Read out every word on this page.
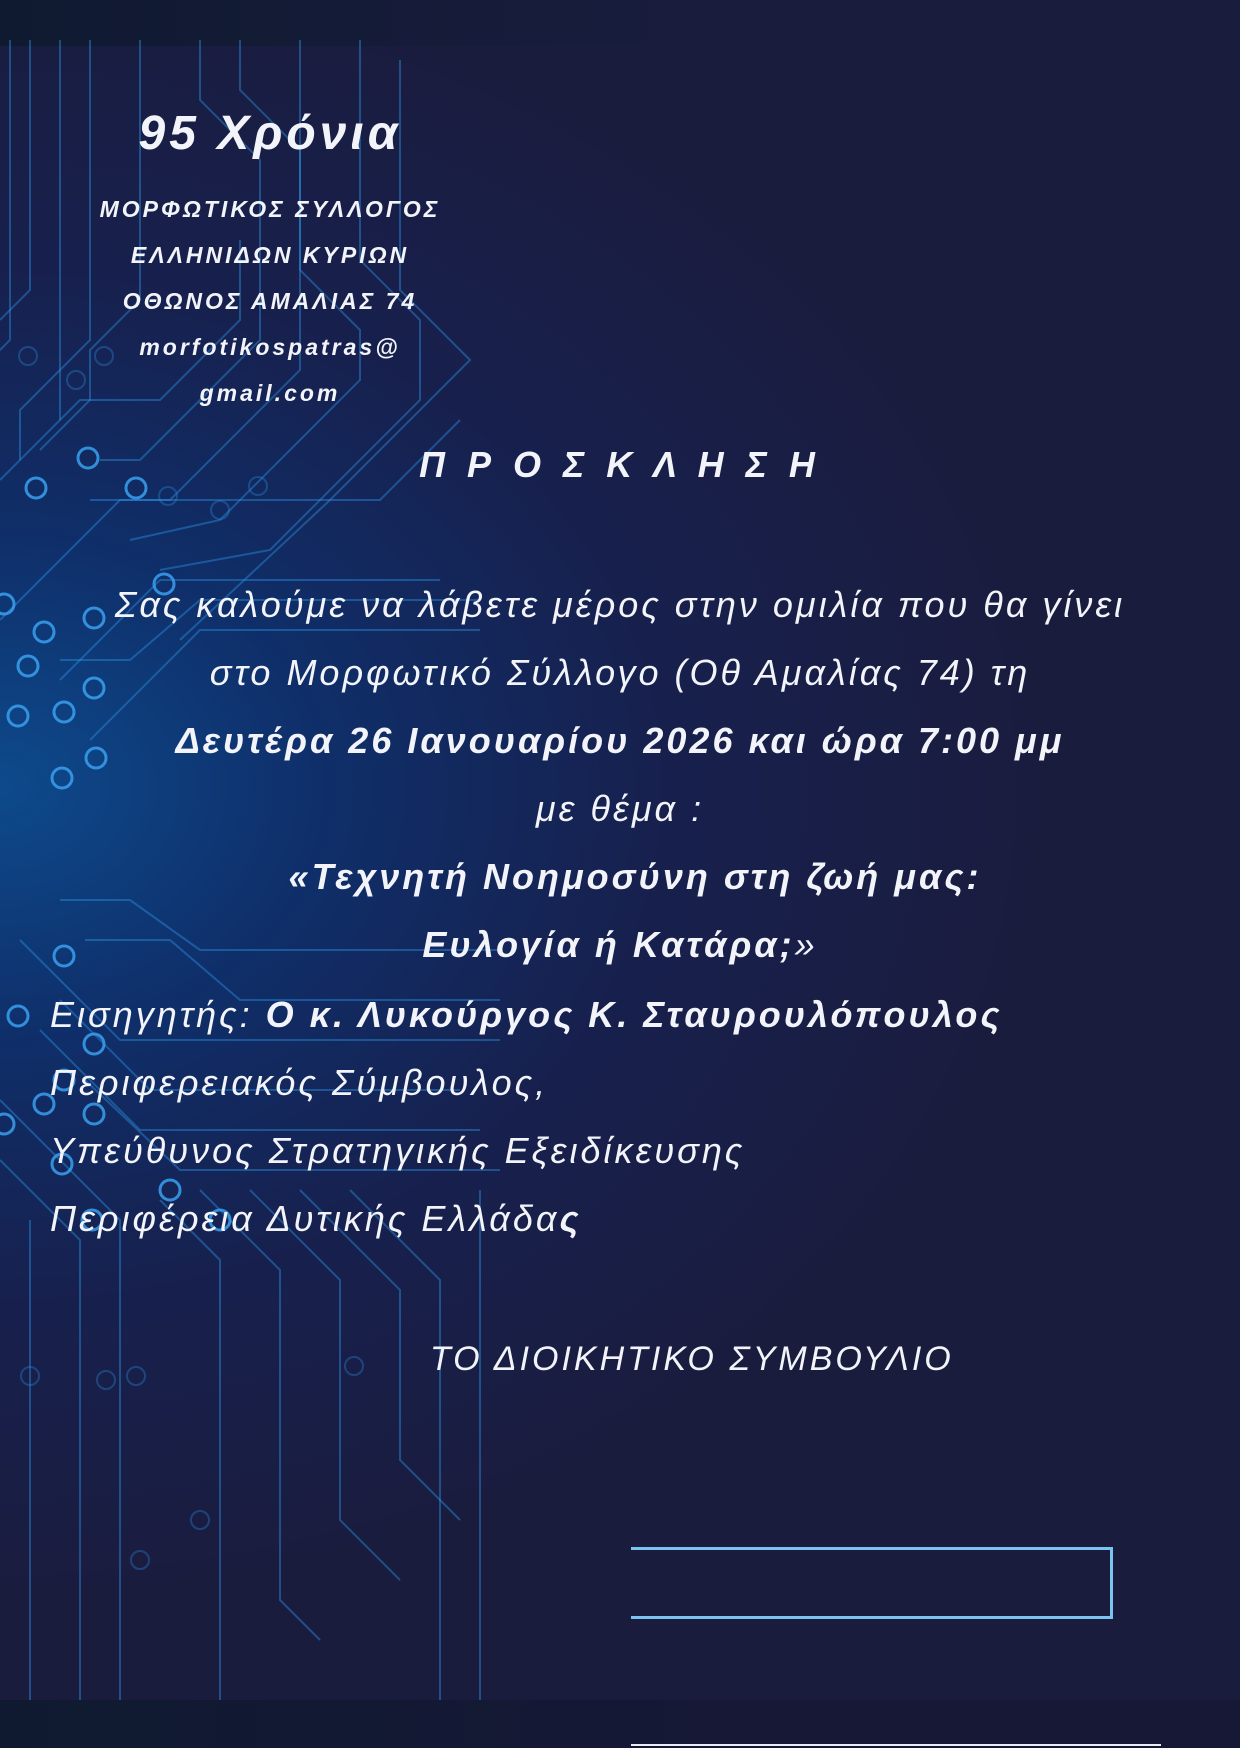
95 Χρόνια
ΜΟΡΦΩΤΙΚΟΣ ΣΥΛΛΟΓΟΣ
ΕΛΛΗΝΙΔΩΝ ΚΥΡΙΩΝ
ΟΘΩΝΟΣ ΑΜΑΛΙΑΣ 74
morfotikospatras@
gmail.com
Π Ρ Ο Σ Κ Λ Η Σ Η
Σας καλούμε να λάβετε μέρος στην ομιλία που θα γίνει
στο Μορφωτικό Σύλλογο (Οθ Αμαλίας 74) τη
Δευτέρα 26 Ιανουαρίου 2026 και ώρα 7:00 μμ
με θέμα :
«Τεχνητή Νοημοσύνη στη ζωή μας:
Ευλογία ή Κατάρα;»
Εισηγητής: Ο κ. Λυκούργος Κ. Σταυρουλόπουλος
Περιφερειακός Σύμβουλος,
Υπεύθυνος Στρατηγικής Εξειδίκευσης
Περιφέρεια Δυτικής Ελλάδας
ΤΟ ΔΙΟΙΚΗΤΙΚΟ ΣΥΜΒΟΥΛΙΟ
